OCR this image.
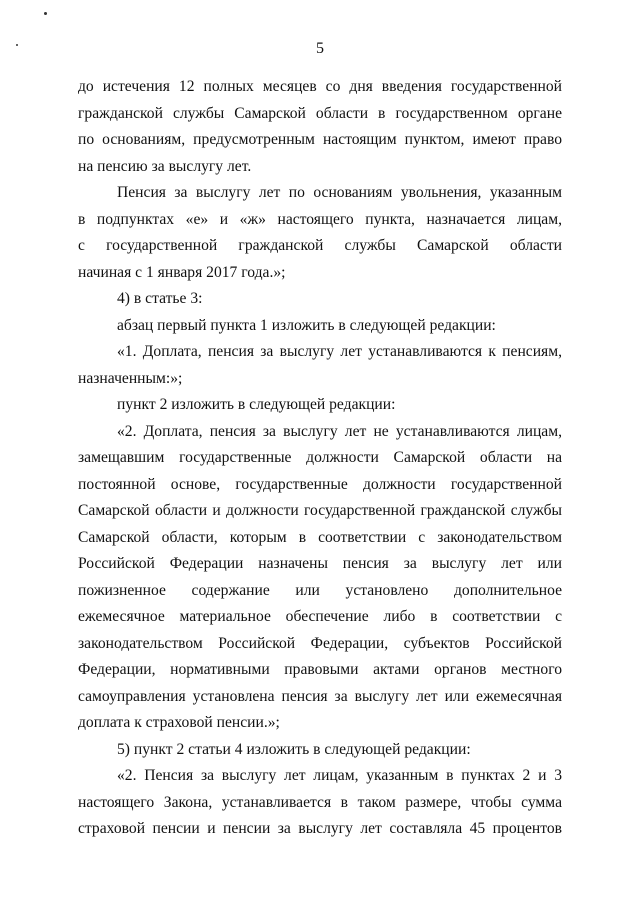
5
до истечения 12 полных месяцев со дня введения государственной
гражданской службы Самарской области в государственном органе
по основаниям, предусмотренным настоящим пунктом, имеют право
на пенсию за выслугу лет.
Пенсия за выслугу лет по основаниям увольнения, указанным
в подпунктах «е» и «ж» настоящего пункта, назначается лицам,
с государственной гражданской службы Самарской области
начиная с 1 января 2017 года.»;
4) в статье 3:
абзац первый пункта 1 изложить в следующей редакции:
«1. Доплата, пенсия за выслугу лет устанавливаются к пенсиям,
назначенным:»;
пункт 2 изложить в следующей редакции:
«2. Доплата, пенсия за выслугу лет не устанавливаются лицам,
замещавшим государственные должности Самарской области на
постоянной основе, государственные должности государственной
Самарской области и должности государственной гражданской службы
Самарской области, которым в соответствии с законодательством
Российской Федерации назначены пенсия за выслугу лет или
пожизненное содержание или установлено дополнительное
ежемесячное материальное обеспечение либо в соответствии с
законодательством Российской Федерации, субъектов Российской
Федерации, нормативными правовыми актами органов местного
самоуправления установлена пенсия за выслугу лет или ежемесячная
доплата к страховой пенсии.»;
5) пункт 2 статьи 4 изложить в следующей редакции:
«2. Пенсия за выслугу лет лицам, указанным в пунктах 2 и 3
настоящего Закона, устанавливается в таком размере, чтобы сумма
страховой пенсии и пенсии за выслугу лет составляла 45 процентов
